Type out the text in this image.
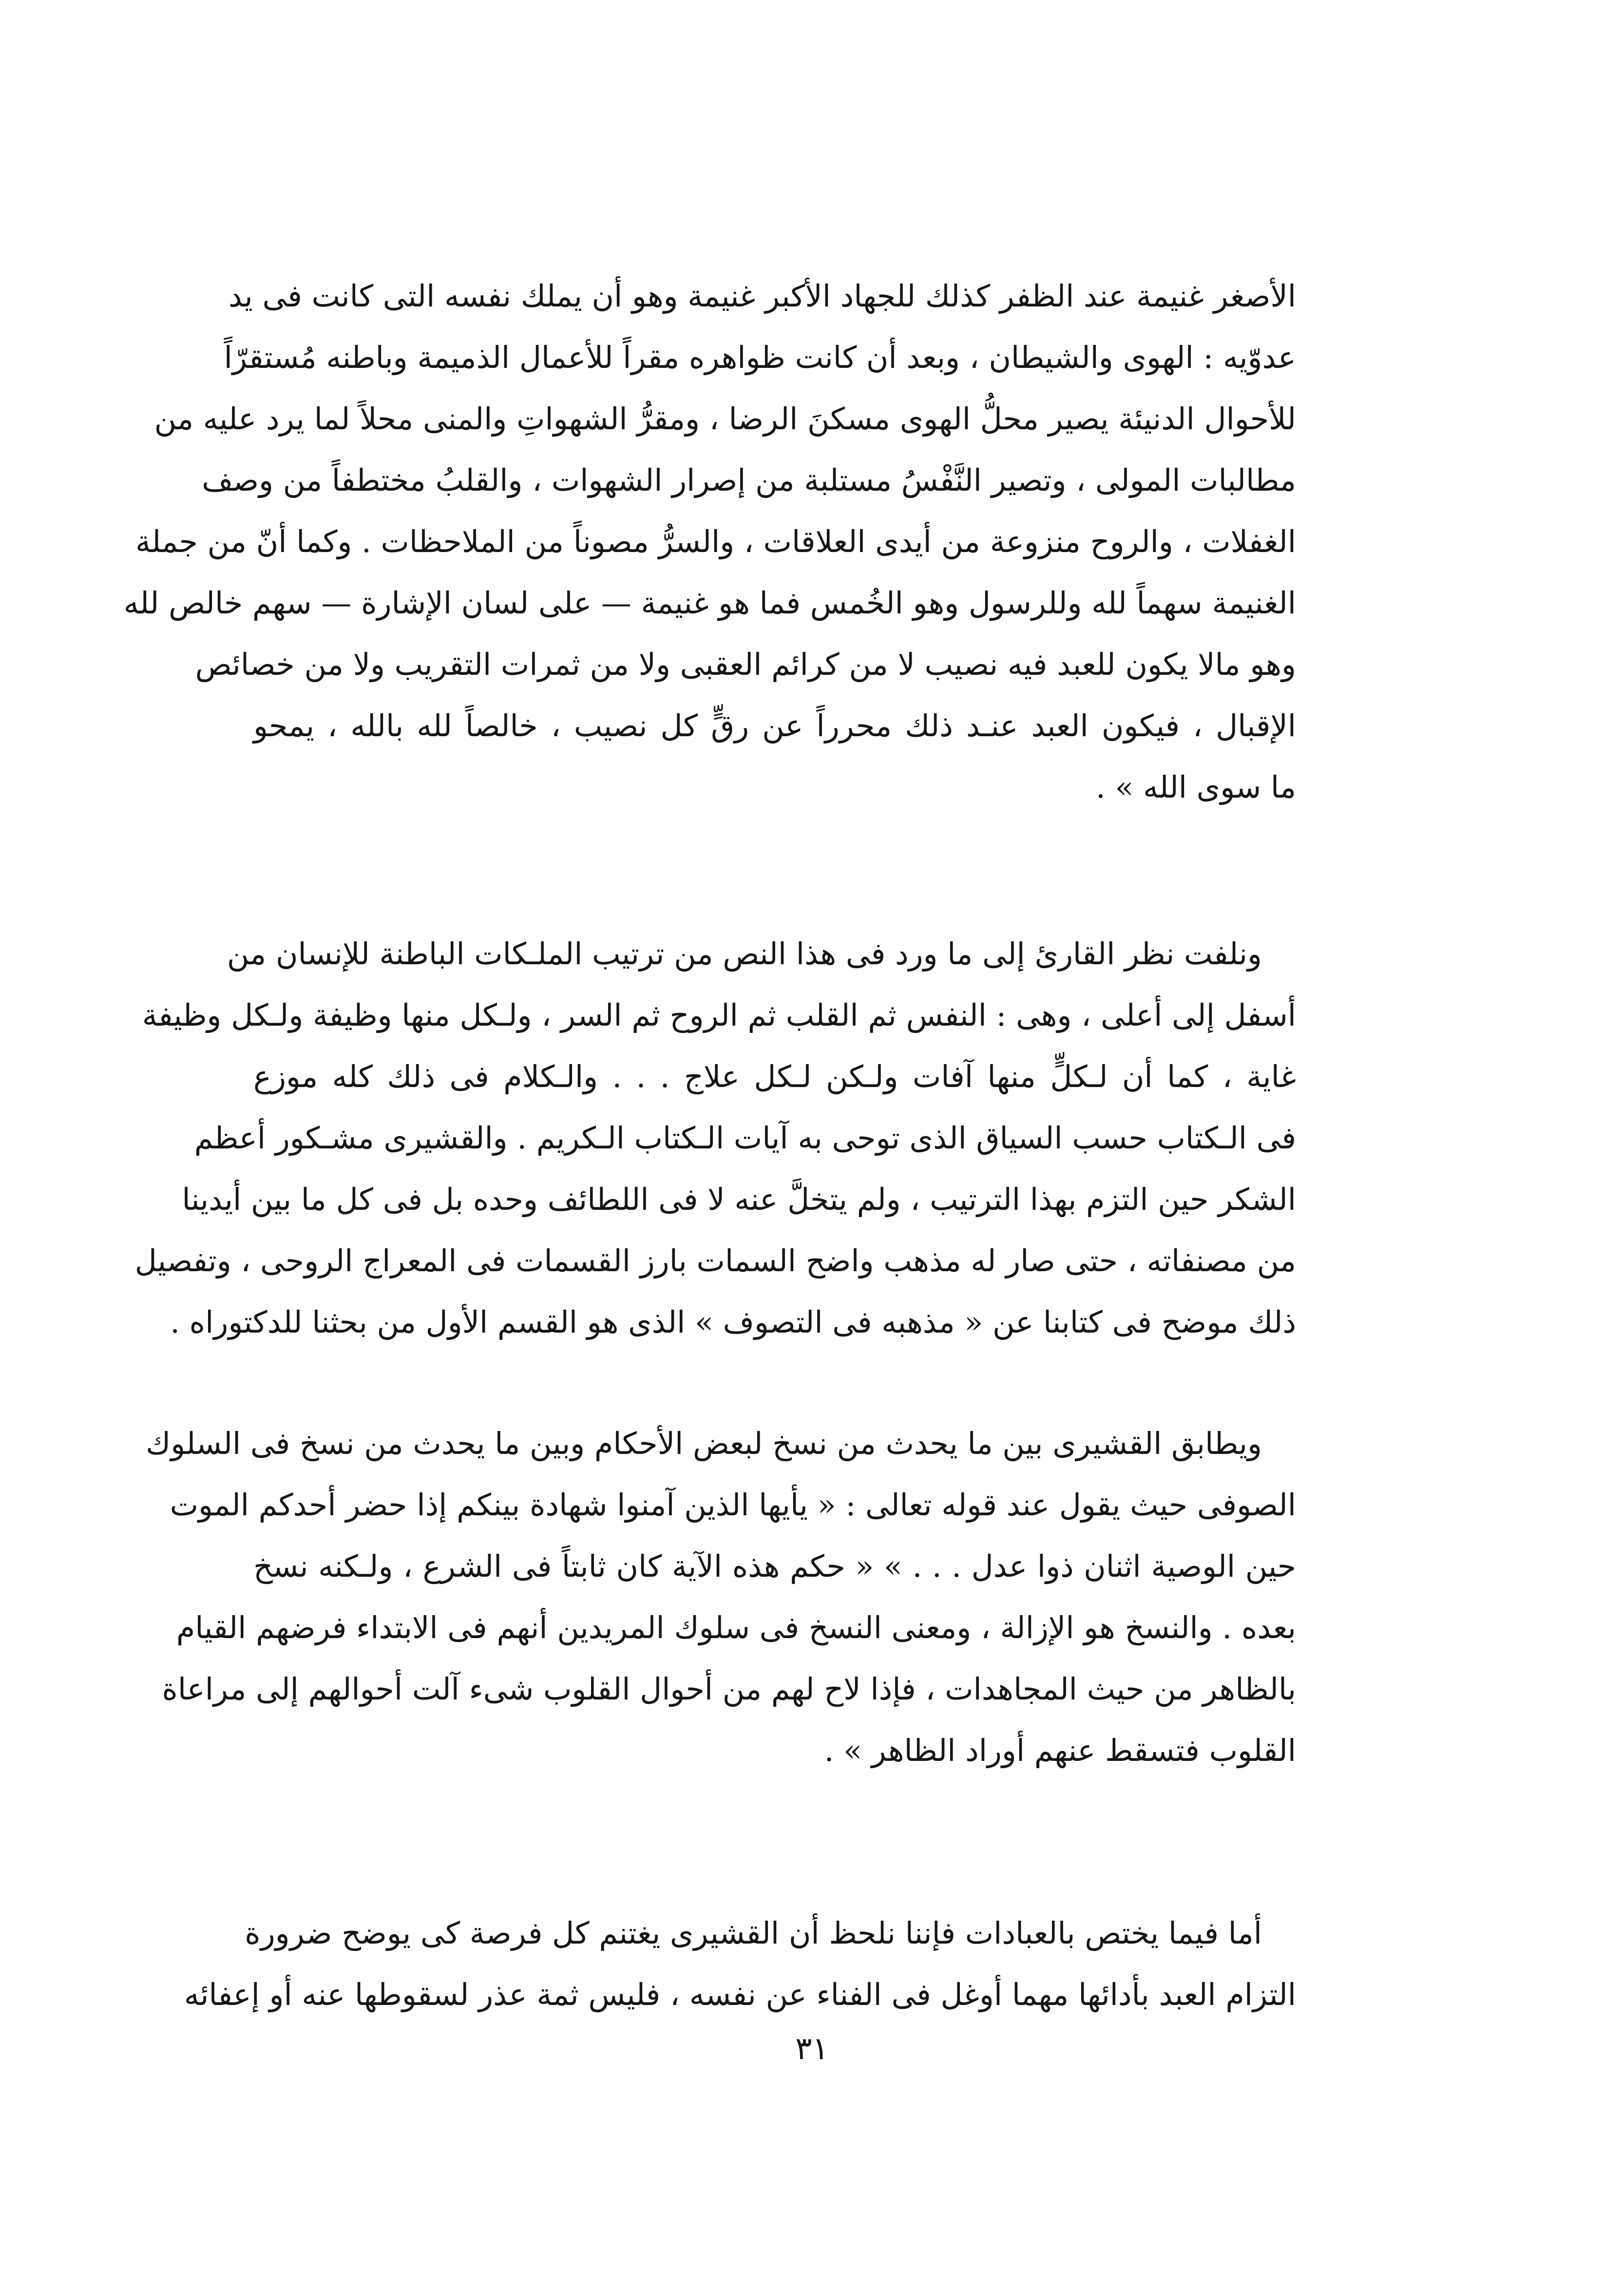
الأصغر غنيمة عند الظفر كذلك للجهاد الأكبر غنيمة وهو أن يملك نفسه التى كانت فى يد
عدوّيه : الهوى والشيطان ، وبعد أن كانت ظواهره مقراً للأعمال الذميمة وباطنه مُستقرّاً
للأحوال الدنيئة يصير محلُّ الهوى مسكنَ الرضا ، ومقرُّ الشهواتِ والمنى محلاً لما يرد عليه من
مطالبات المولى ، وتصير النَّفْسُ مستلبة من إصرار الشهوات ، والقلبُ مختطفاً من وصف
الغفلات ، والروح منزوعة من أيدى العلاقات ، والسرُّ مصوناً من الملاحظات . وكما أنّ من جملة
الغنيمة سهماً لله وللرسول وهو الخُمس فما هو غنيمة — على لسان الإشارة — سهم خالص لله
وهو مالا يكون للعبد فيه نصيب لا من كرائم العقبى ولا من ثمرات التقريب ولا من خصائص
الإقبال ، فيكون العبد عنـد ذلك محرراً عن رقٍّ كل نصيب ، خالصاً لله بالله ، يمحو
ما سوى الله » .
ونلفت نظر القارئ إلى ما ورد فى هذا النص من ترتيب الملـكات الباطنة للإنسان من
أسفل إلى أعلى ، وهى : النفس ثم القلب ثم الروح ثم السر ، ولـكل منها وظيفة ولـكل وظيفة
غاية ، كما أن لـكلٍّ منها آفات ولـكن لـكل علاج . . . والـكلام فى ذلك كله موزع
فى الـكتاب حسب السياق الذى توحى به آيات الـكتاب الـكريم . والقشيرى مشـكور أعظم
الشكر حين التزم بهذا الترتيب ، ولم يتخلَّ عنه لا فى اللطائف وحده بل فى كل ما بين أيدينا
من مصنفاته ، حتى صار له مذهب واضح السمات بارز القسمات فى المعراج الروحى ، وتفصيل
ذلك موضح فى كتابنا عن « مذهبه فى التصوف » الذى هو القسم الأول من بحثنا للدكتوراه .
ويطابق القشيرى بين ما يحدث من نسخ لبعض الأحكام وبين ما يحدث من نسخ فى السلوك
الصوفى حيث يقول عند قوله تعالى : « يأيها الذين آمنوا شهادة بينكم إذا حضر أحدكم الموت
حين الوصية اثنان ذوا عدل . . . » « حكم هذه الآية كان ثابتاً فى الشرع ، ولـكنه نسخ
بعده . والنسخ هو الإزالة ، ومعنى النسخ فى سلوك المريدين أنهم فى الابتداء فرضهم القيام
بالظاهر من حيث المجاهدات ، فإذا لاح لهم من أحوال القلوب شىء آلت أحوالهم إلى مراعاة
القلوب فتسقط عنهم أوراد الظاهر » .
أما فيما يختص بالعبادات فإننا نلحظ أن القشيرى يغتنم كل فرصة كى يوضح ضرورة
التزام العبد بأدائها مهما أوغل فى الفناء عن نفسه ، فليس ثمة عذر لسقوطها عنه أو إعفائه
٣١
